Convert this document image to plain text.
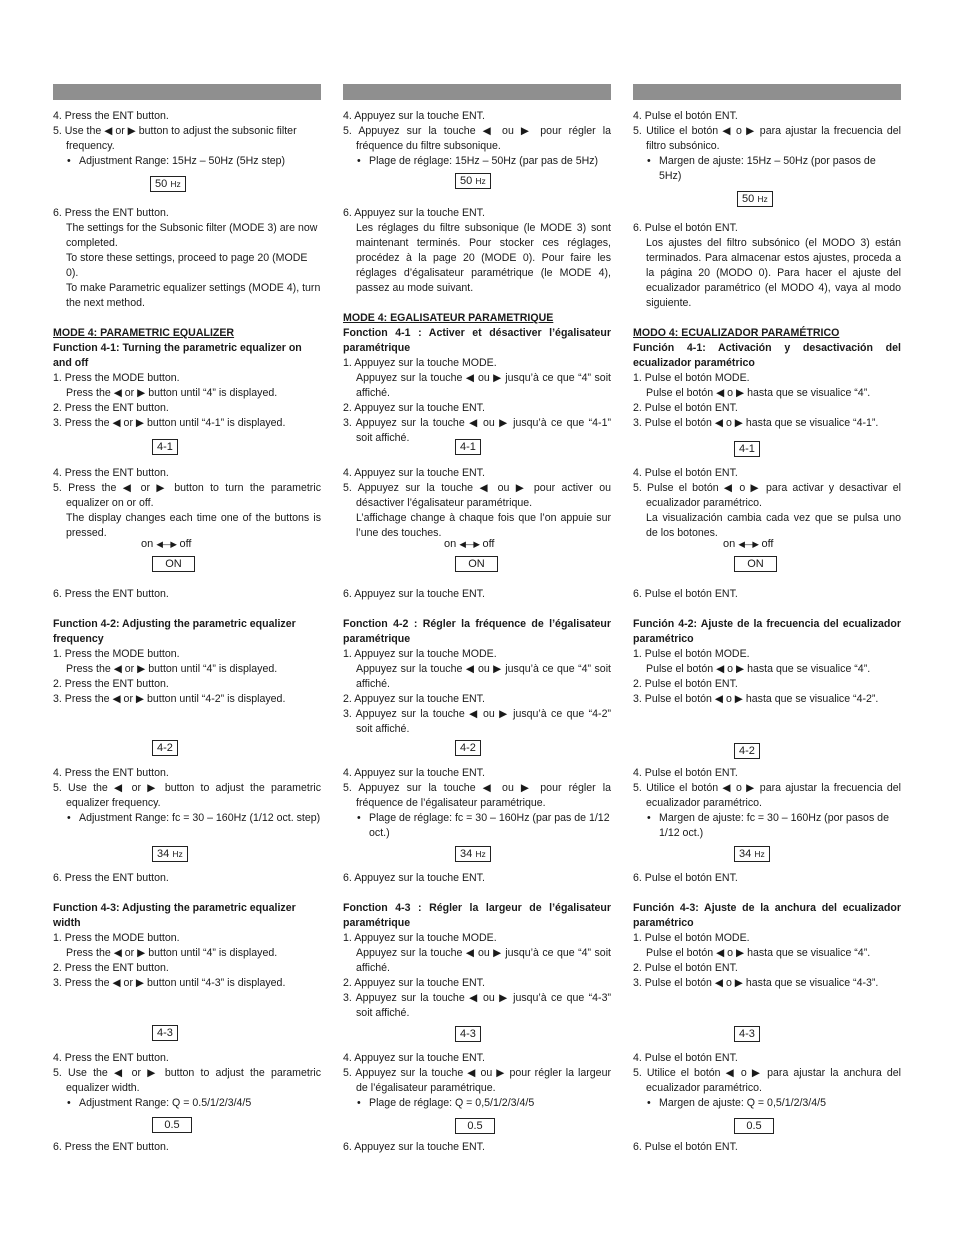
4. Press the ENT button.

5. Use the ◀ or ▶ button to adjust the subsonic filter frequency.

• Adjustment Range: 15Hz – 50Hz (5Hz step)

50 Hz

6. Press the ENT button.

The settings for the Subsonic filter (MODE 3) are now completed.

To store these settings, proceed to page 20 (MODE 0).

To make Parametric equalizer settings (MODE 4), turn the next method.

MODE 4: PARAMETRIC EQUALIZER

Function 4-1: Turning the parametric equalizer on and off

1. Press the MODE button.

Press the ◀ or ▶ button until “4” is displayed.

2. Press the ENT button.

3. Press the ◀ or ▶ button until “4-1” is displayed.

4. Appuyez sur la touche ENT.

5. Appuyez sur la touche ◀ ou ▶ pour régler la fréquence du filtre subsonique.

• Plage de réglage: 15Hz – 50Hz (par pas de 5Hz)

50 Hz

6. Appuyez sur la touche ENT.

Les réglages du filtre subsonique (le MODE 3) sont maintenant terminés. Pour stocker ces réglages, procédez à la page 20 (MODE 0). Pour faire les réglages d’égalisateur paramétrique (le MODE 4), passez au mode suivant.

MODE 4: EGALISATEUR PARAMETRIQUE

Fonction 4-1 : Activer et désactiver l’égalisateur paramétrique

1. Appuyez sur la touche MODE.

Appuyez sur la touche ◀ ou ▶ jusqu’à ce que “4” soit affiché.

2. Appuyez sur la touche ENT.

3. Appuyez sur la touche ◀ ou ▶ jusqu’à ce que “4-1” soit affiché.

4. Pulse el botón ENT.

5. Utilice el botón ◀ o ▶ para ajustar la frecuencia del filtro subsónico.

• Margen de ajuste: 15Hz – 50Hz (por pasos de 5Hz)

50 Hz

6. Pulse el botón ENT.

Los ajustes del filtro subsónico (el MODO 3) están terminados. Para almacenar estos ajustes, proceda a la página 20 (MODO 0). Para hacer el ajuste del ecualizador paramétrico (el MODO 4), vaya al modo siguiente.

MODO 4: ECUALIZADOR PARAMÉTRICO

Función 4-1: Activación y desactivación del ecualizador paramétrico

1. Pulse el botón MODE.

Pulse el botón ◀ o ▶ hasta que se visualice “4”.

2. Pulse el botón ENT.

3. Pulse el botón ◀ o ▶ hasta que se visualice “4-1”.

4-1

4. Press the ENT button.

5. Press the ◀ or ▶ button to turn the parametric equalizer on or off.

The display changes each time one of the buttons is pressed.

4-1

4. Appuyez sur la touche ENT.

5. Appuyez sur la touche ◀ ou ▶ pour activer ou désactiver l’égalisateur paramétrique.

L’affichage change à chaque fois que l’on appuie sur l’une des touches.

4-1

4. Pulse el botón ENT.

5. Pulse el botón ◀ o ▶ para activar y desactivar el ecualizador paramétrico.

La visualización cambia cada vez que se pulsa uno de los botones.

on ◀—▶ off
ON
on ◀—▶ off
ON
on ◀—▶ off
ON

6. Press the ENT button.

Function 4-2: Adjusting the parametric equalizer frequency

1. Press the MODE button.

Press the ◀ or ▶ button until “4” is displayed.

2. Press the ENT button.

3. Press the ◀ or ▶ button until “4-2” is displayed.

6. Appuyez sur la touche ENT.

Fonction 4-2 : Régler la fréquence de l’égalisateur paramétrique

1. Appuyez sur la touche MODE.

Appuyez sur la touche ◀ ou ▶ jusqu’à ce que “4” soit affiché.

2. Appuyez sur la touche ENT.

3. Appuyez sur la touche ◀ ou ▶ jusqu’à ce que “4-2” soit affiché.

6. Pulse el botón ENT.

Función 4-2: Ajuste de la frecuencia del ecualizador paramétrico

1. Pulse el botón MODE.

Pulse el botón ◀ o ▶ hasta que se visualice “4”.

2. Pulse el botón ENT.

3. Pulse el botón ◀ o ▶ hasta que se visualice “4-2”.

4-2	4-2	4-2

4. Press the ENT button.

5. Use the ◀ or ▶ button to adjust the parametric equalizer frequency.

• Adjustment Range: fc = 30 – 160Hz (1/12 oct. step)

4. Appuyez sur la touche ENT.

5. Appuyez sur la touche ◀ ou ▶ pour régler la fréquence de l’égalisateur paramétrique.

• Plage de réglage: fc = 30 – 160Hz (par pas de 1/12 oct.)

4. Pulse el botón ENT.

5. Utilice el botón ◀ o ▶ para ajustar la frecuencia del ecualizador paramétrico.

• Margen de ajuste: fc = 30 – 160Hz (por pasos de 1/12 oct.)

34 Hz	34 Hz	34 Hz

6. Press the ENT button.

Function 4-3: Adjusting the parametric equalizer width

1. Press the MODE button.

Press the ◀ or ▶ button until “4” is displayed.

2. Press the ENT button.

3. Press the ◀ or ▶ button until “4-3” is displayed.

6. Appuyez sur la touche ENT.

Fonction 4-3 : Régler la largeur de l’égalisateur paramétrique

1. Appuyez sur la touche MODE.

Appuyez sur la touche ◀ ou ▶ jusqu’à ce que “4” soit affiché.

2. Appuyez sur la touche ENT.

3. Appuyez sur la touche ◀ ou ▶ jusqu’à ce que “4-3” soit affiché.

6. Pulse el botón ENT.

Función 4-3: Ajuste de la anchura del ecualizador paramétrico

1. Pulse el botón MODE.

Pulse el botón ◀ o ▶ hasta que se visualice “4”.

2. Pulse el botón ENT.

3. Pulse el botón ◀ o ▶ hasta que se visualice “4-3”.

4-3	4-3	4-3

4. Press the ENT button.

5. Use the ◀ or ▶ button to adjust the parametric equalizer width.

• Adjustment Range: Q = 0.5/1/2/3/4/5

4. Appuyez sur la touche ENT.

5. Appuyez sur la touche ◀ ou ▶ pour régler la largeur de l’égalisateur paramétrique.

• Plage de réglage: Q = 0,5/1/2/3/4/5

4. Pulse el botón ENT.

5. Utilice el botón ◀ o ▶ para ajustar la anchura del ecualizador paramétrico.

• Margen de ajuste: Q = 0,5/1/2/3/4/5

0.5	0.5	0.5

6. Press the ENT button.	6. Appuyez sur la touche ENT.	6. Pulse el botón ENT.
